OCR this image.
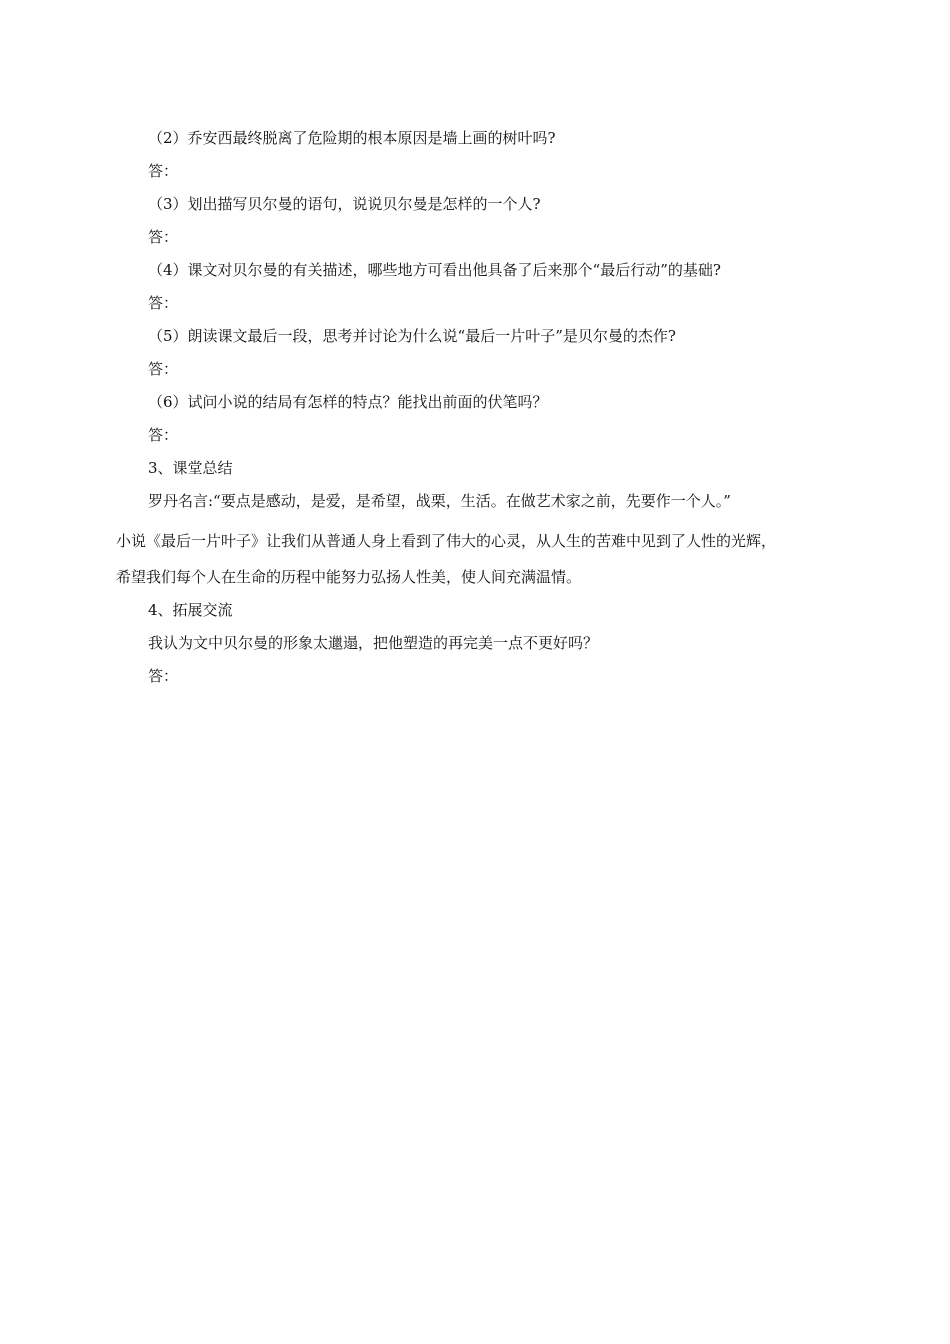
（2）乔安西最终脱离了危险期的根本原因是墙上画的树叶吗?
答：
（3）划出描写贝尔曼的语句，说说贝尔曼是怎样的一个人?
答：
（4）课文对贝尔曼的有关描述，哪些地方可看出他具备了后来那个“最后行动”的基础?
答：
（5）朗读课文最后一段，思考并讨论为什么说“最后一片叶子”是贝尔曼的杰作?
答：
（6）试问小说的结局有怎样的特点？能找出前面的伏笔吗？
答：
3、课堂总结
罗丹名言:“要点是感动，是爱，是希望，战栗，生活。在做艺术家之前，先要作一个人。”
小说《最后一片叶子》让我们从普通人身上看到了伟大的心灵，从人生的苦难中见到了人性的光辉，
希望我们每个人在生命的历程中能努力弘扬人性美，使人间充满温情。
4、拓展交流
我认为文中贝尔曼的形象太邋遢，把他塑造的再完美一点不更好吗？
答：
